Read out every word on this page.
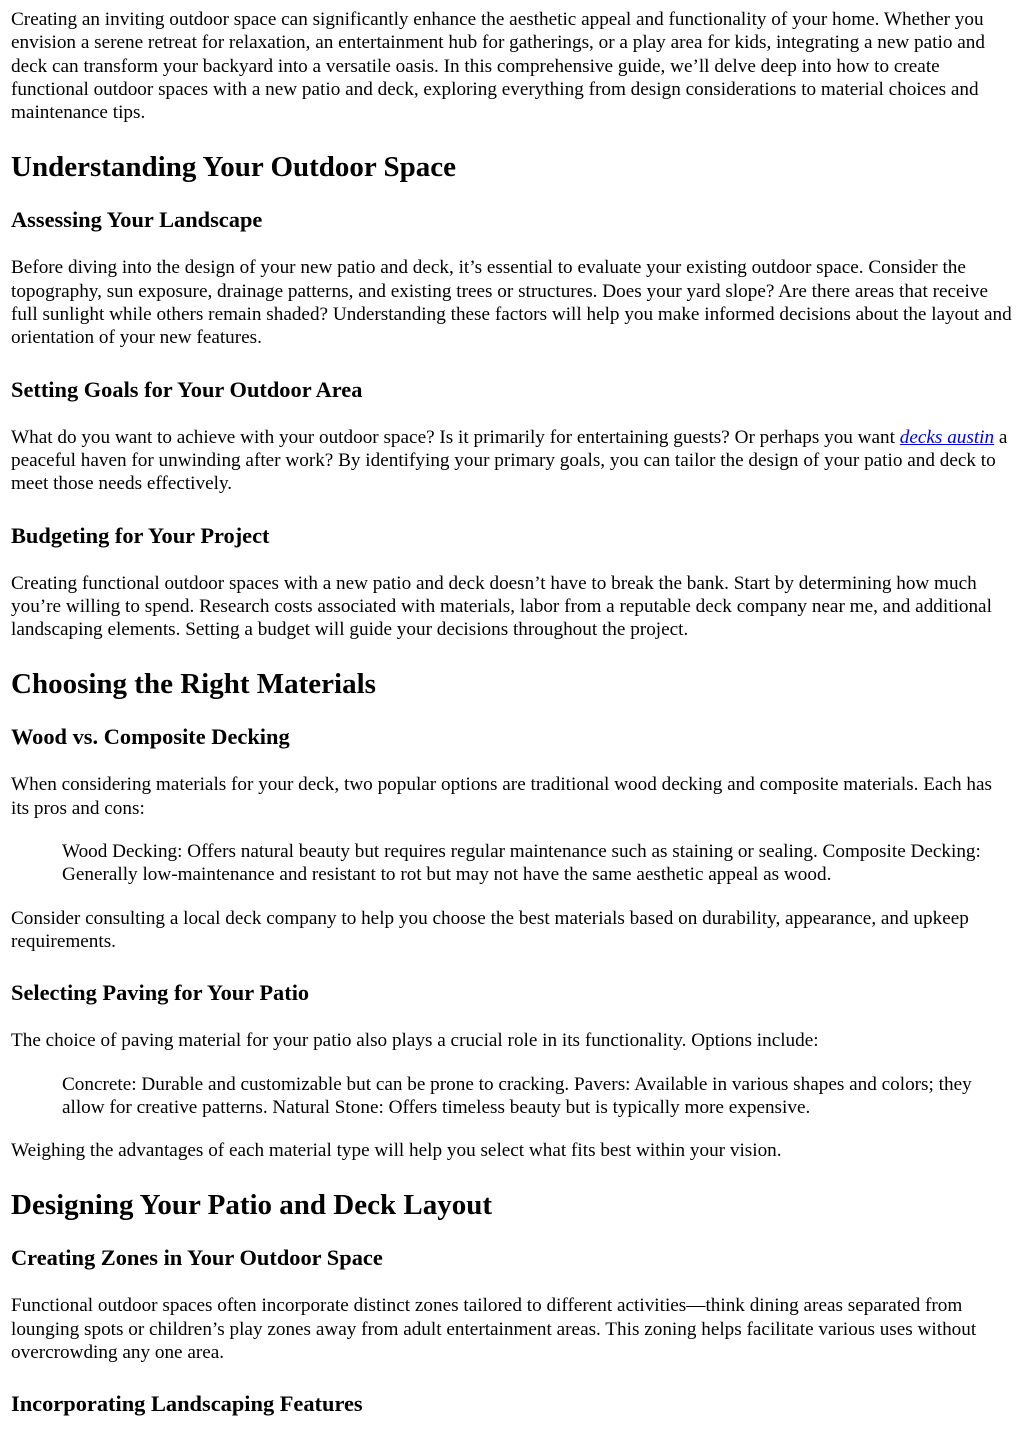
Creating an inviting outdoor space can significantly enhance the aesthetic appeal and functionality of your home. Whether you envision a serene retreat for relaxation, an entertainment hub for gatherings, or a play area for kids, integrating a new patio and deck can transform your backyard into a versatile oasis. In this comprehensive guide, we’ll delve deep into how to create functional outdoor spaces with a new patio and deck, exploring everything from design considerations to material choices and maintenance tips.

Understanding Your Outdoor Space
Assessing Your Landscape

Before diving into the design of your new patio and deck, it’s essential to evaluate your existing outdoor space. Consider the topography, sun exposure, drainage patterns, and existing trees or structures. Does your yard slope? Are there areas that receive full sunlight while others remain shaded? Understanding these factors will help you make informed decisions about the layout and orientation of your new features.

Setting Goals for Your Outdoor Area

What do you want to achieve with your outdoor space? Is it primarily for entertaining guests? Or perhaps you want decks austin a peaceful haven for unwinding after work? By identifying your primary goals, you can tailor the design of your patio and deck to meet those needs effectively.

Budgeting for Your Project

Creating functional outdoor spaces with a new patio and deck doesn’t have to break the bank. Start by determining how much you’re willing to spend. Research costs associated with materials, labor from a reputable deck company near me, and additional landscaping elements. Setting a budget will guide your decisions throughout the project.

Choosing the Right Materials
Wood vs. Composite Decking

When considering materials for your deck, two popular options are traditional wood decking and composite materials. Each has its pros and cons:

Wood Decking: Offers natural beauty but requires regular maintenance such as staining or sealing. Composite Decking: Generally low-maintenance and resistant to rot but may not have the same aesthetic appeal as wood.

Consider consulting a local deck company to help you choose the best materials based on durability, appearance, and upkeep requirements.

Selecting Paving for Your Patio

The choice of paving material for your patio also plays a crucial role in its functionality. Options include:

Concrete: Durable and customizable but can be prone to cracking. Pavers: Available in various shapes and colors; they allow for creative patterns. Natural Stone: Offers timeless beauty but is typically more expensive.

Weighing the advantages of each material type will help you select what fits best within your vision.

Designing Your Patio and Deck Layout
Creating Zones in Your Outdoor Space

Functional outdoor spaces often incorporate distinct zones tailored to different activities—think dining areas separated from lounging spots or children’s play zones away from adult entertainment areas. This zoning helps facilitate various uses without overcrowding any one area.

Incorporating Landscaping Features
